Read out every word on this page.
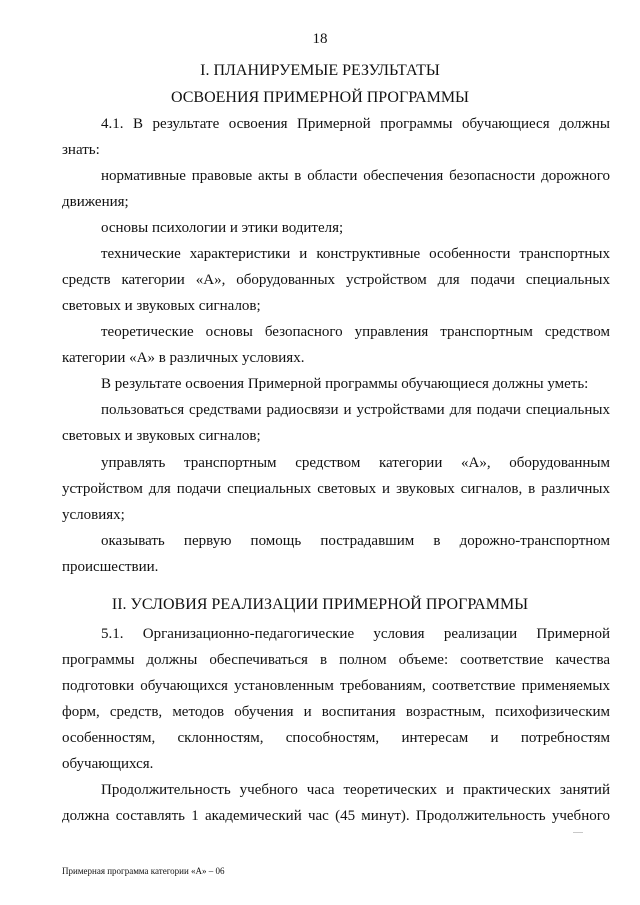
18
I. ПЛАНИРУЕМЫЕ РЕЗУЛЬТАТЫ
ОСВОЕНИЯ ПРИМЕРНОЙ ПРОГРАММЫ
4.1. В результате освоения Примерной программы обучающиеся должны
знать:
нормативные правовые акты в области обеспечения безопасности дорожного
движения;
основы психологии и этики водителя;
технические характеристики и конструктивные особенности транспортных
средств категории «А», оборудованных устройством для подачи специальных
световых и звуковых сигналов;
теоретические основы безопасного управления транспортным средством
категории «А» в различных условиях.
В результате освоения Примерной программы обучающиеся должны уметь:
пользоваться средствами радиосвязи и устройствами для подачи специальных
световых и звуковых сигналов;
управлять транспортным средством категории «А», оборудованным
устройством для подачи специальных световых и звуковых сигналов, в различных
условиях;
оказывать первую помощь пострадавшим в дорожно-транспортном
происшествии.
II. УСЛОВИЯ РЕАЛИЗАЦИИ ПРИМЕРНОЙ ПРОГРАММЫ
5.1. Организационно-педагогические условия реализации Примерной
программы должны обеспечиваться в полном объеме: соответствие качества
подготовки обучающихся установленным требованиям, соответствие применяемых
форм, средств, методов обучения и воспитания возрастным, психофизическим
особенностям, склонностям, способностям, интересам и потребностям
обучающихся.
Продолжительность учебного часа теоретических и практических занятий
должна составлять 1 академический час (45 минут). Продолжительность учебного
Примерная программа категории «А» – 06
